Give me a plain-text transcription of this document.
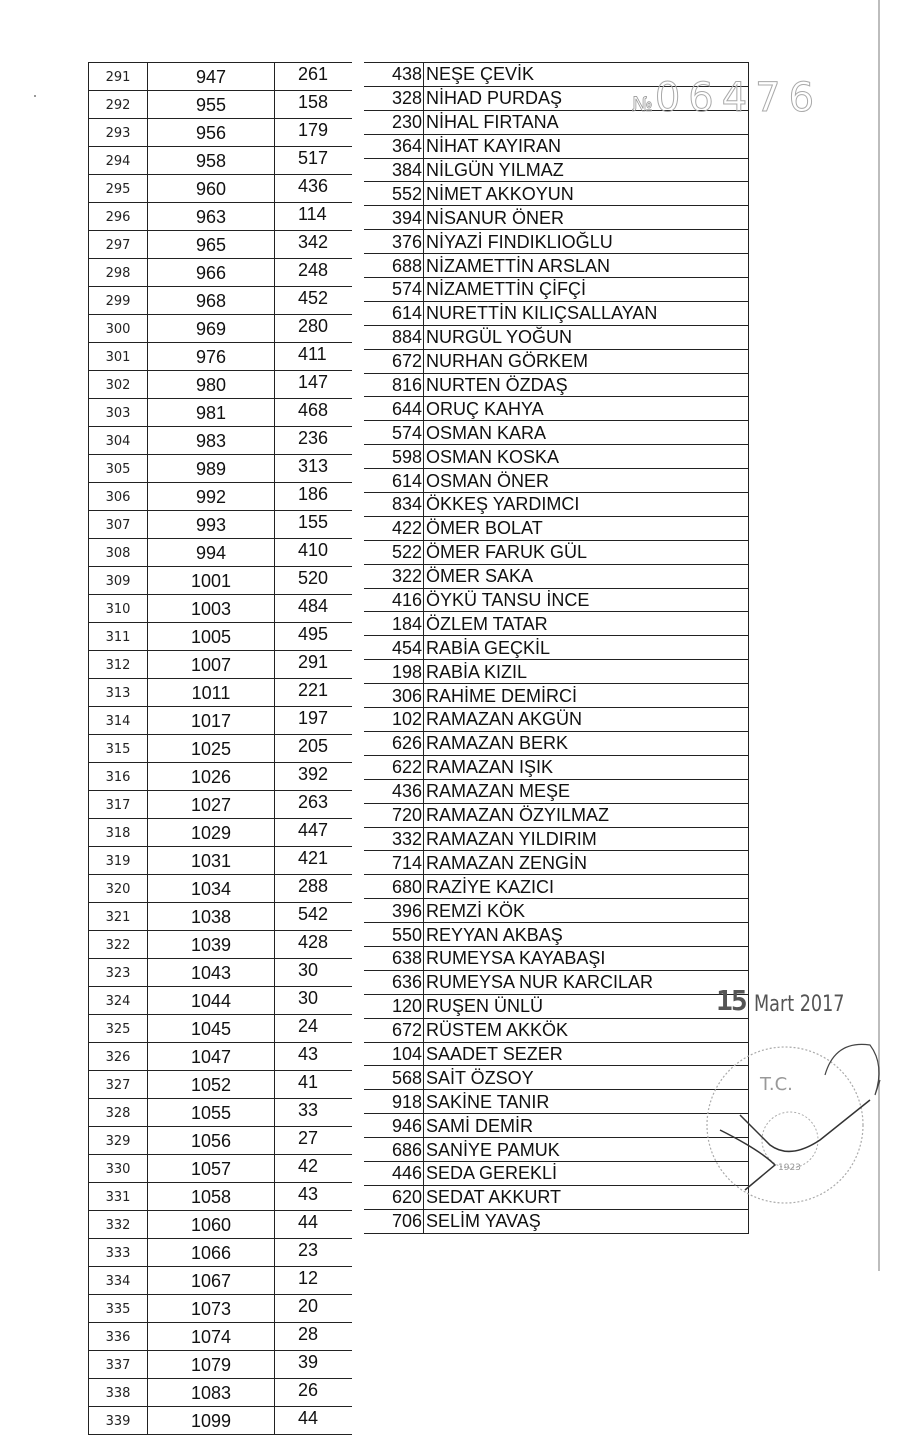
291	947	261
292	955	158
293	956	179
294	958	517
295	960	436
296	963	114
297	965	342
298	966	248
299	968	452
300	969	280
301	976	411
302	980	147
303	981	468
304	983	236
305	989	313
306	992	186
307	993	155
308	994	410
309	1001	520
310	1003	484
311	1005	495
312	1007	291
313	1011	221
314	1017	197
315	1025	205
316	1026	392
317	1027	263
318	1029	447
319	1031	421
320	1034	288
321	1038	542
322	1039	428
323	1043	30
324	1044	30
325	1045	24
326	1047	43
327	1052	41
328	1055	33
329	1056	27
330	1057	42
331	1058	43
332	1060	44
333	1066	23
334	1067	12
335	1073	20
336	1074	28
337	1079	39
338	1083	26
339	1099	44
438	NEŞE ÇEVİK
328	NİHAD PURDAŞ
230	NİHAL FIRTANA
364	NİHAT KAYIRAN
384	NİLGÜN YILMAZ
552	NİMET AKKOYUN
394	NİSANUR ÖNER
376	NİYAZİ FINDIKLIOĞLU
688	NİZAMETTİN ARSLAN
574	NİZAMETTİN ÇİFÇİ
614	NURETTİN KILIÇSALLAYAN
884	NURGÜL YOĞUN
672	NURHAN GÖRKEM
816	NURTEN ÖZDAŞ
644	ORUÇ KAHYA
574	OSMAN KARA
598	OSMAN KOSKA
614	OSMAN ÖNER
834	ÖKKEŞ YARDIMCI
422	ÖMER BOLAT
522	ÖMER FARUK GÜL
322	ÖMER SAKA
416	ÖYKÜ TANSU İNCE
184	ÖZLEM TATAR
454	RABİA GEÇKİL
198	RABİA KIZIL
306	RAHİME DEMİRCİ
102	RAMAZAN AKGÜN
626	RAMAZAN BERK
622	RAMAZAN IŞIK
436	RAMAZAN MEŞE
720	RAMAZAN ÖZYILMAZ
332	RAMAZAN YILDIRIM
714	RAMAZAN ZENGİN
680	RAZİYE KAZICI
396	REMZİ KÖK
550	REYYAN AKBAŞ
638	RUMEYSA KAYABAŞI
636	RUMEYSA NUR KARCILAR
120	RUŞEN ÜNLÜ
672	RÜSTEM AKKÖK
104	SAADET SEZER
568	SAİT ÖZSOY
918	SAKİNE TANIR
946	SAMİ DEMİR
686	SANİYE PAMUK
446	SEDA GEREKLİ
620	SEDAT AKKURT
706	SELİM YAVAŞ
№06476
15 Mart 2017
T.C.
1923
